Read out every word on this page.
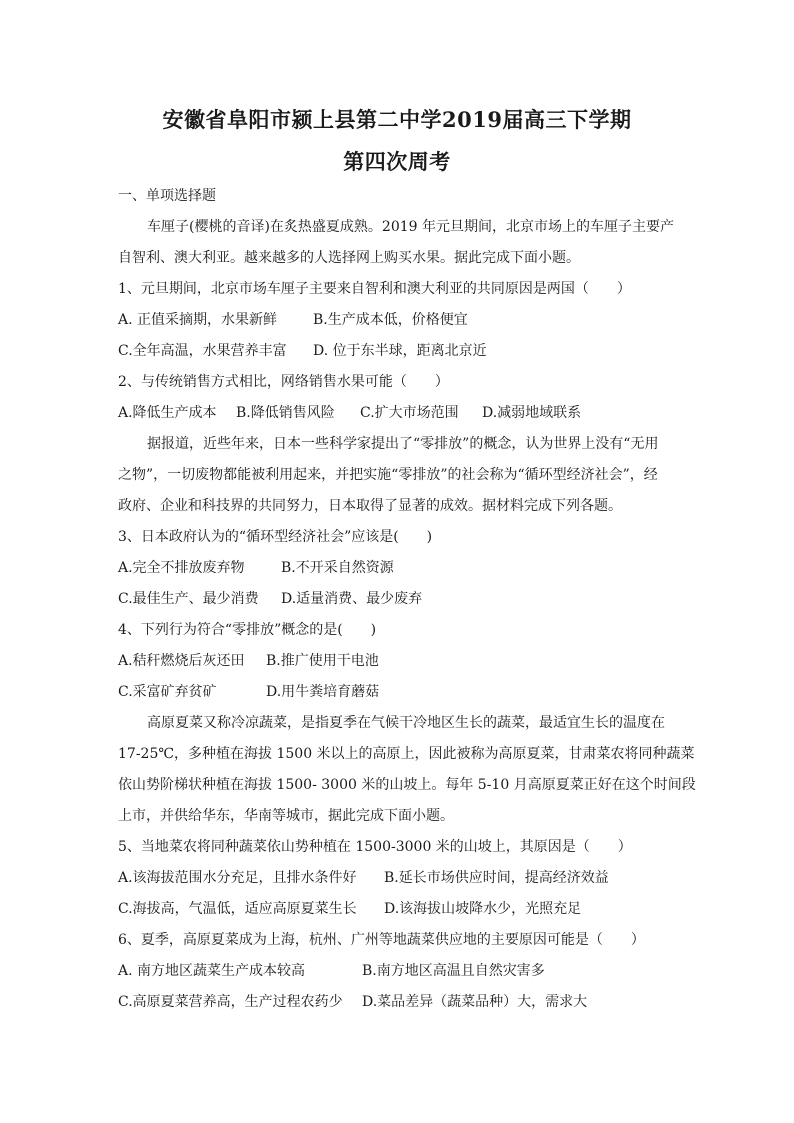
安徽省阜阳市颍上县第二中学2019届高三下学期
第四次周考
一、单项选择题
车厘子(樱桃的音译)在炙热盛夏成熟。2019 年元旦期间，北京市场上的车厘子主要产
自智利、澳大利亚。越来越多的人选择网上购买水果。据此完成下面小题。
1、元旦期间，北京市场车厘子主要来自智利和澳大利亚的共同原因是两国（　　）
A. 正值采摘期，水果新鲜	B.生产成本低，价格便宜
C.全年高温，水果营养丰富 D. 位于东半球，距离北京近
2、与传统销售方式相比，网络销售水果可能（　　）
A.降低生产成本 B.降低销售风险 C.扩大市场范围 D.减弱地域联系
据报道，近些年来，日本一些科学家提出了“零排放”的概念，认为世界上没有“无用
之物”，一切废物都能被利用起来，并把实施“零排放”的社会称为“循环型经济社会”，经
政府、企业和科技界的共同努力，日本取得了显著的成效。据材料完成下列各题。
3、日本政府认为的“循环型经济社会”应该是(　　)
A.完全不排放废弃物	B.不开采自然资源
C.最佳生产、最少消费 D.适量消费、最少废弃
4、下列行为符合“零排放”概念的是(　　)
A.秸秆燃烧后灰还田 B.推广使用干电池
C.采富矿弃贫矿	D.用牛粪培育蘑菇
高原夏菜又称冷凉蔬菜，是指夏季在气候干冷地区生长的蔬菜，最适宜生长的温度在
17-25℃，多种植在海拔 1500 米以上的高原上，因此被称为高原夏菜，甘肃菜农将同种蔬菜
依山势阶梯状种植在海拔 1500- 3000 米的山坡上。每年 5-10 月高原夏菜正好在这个时间段
上市，并供给华东，华南等城市，据此完成下面小题。
5、当地菜农将同种蔬菜依山势种植在 1500-3000 米的山坡上，其原因是（　　）
A.该海拔范围水分充足，且排水条件好 B.延长市场供应时间，提高经济效益
C.海拔高，气温低，适应高原夏菜生长 D.该海拔山坡降水少，光照充足
6、夏季，高原夏菜成为上海，杭州、广州等地蔬菜供应地的主要原因可能是（　　）
A. 南方地区蔬菜生产成本较高	B.南方地区高温且自然灾害多
C.高原夏菜营养高，生产过程农药少 D.菜品差异（蔬菜品种）大，需求大
